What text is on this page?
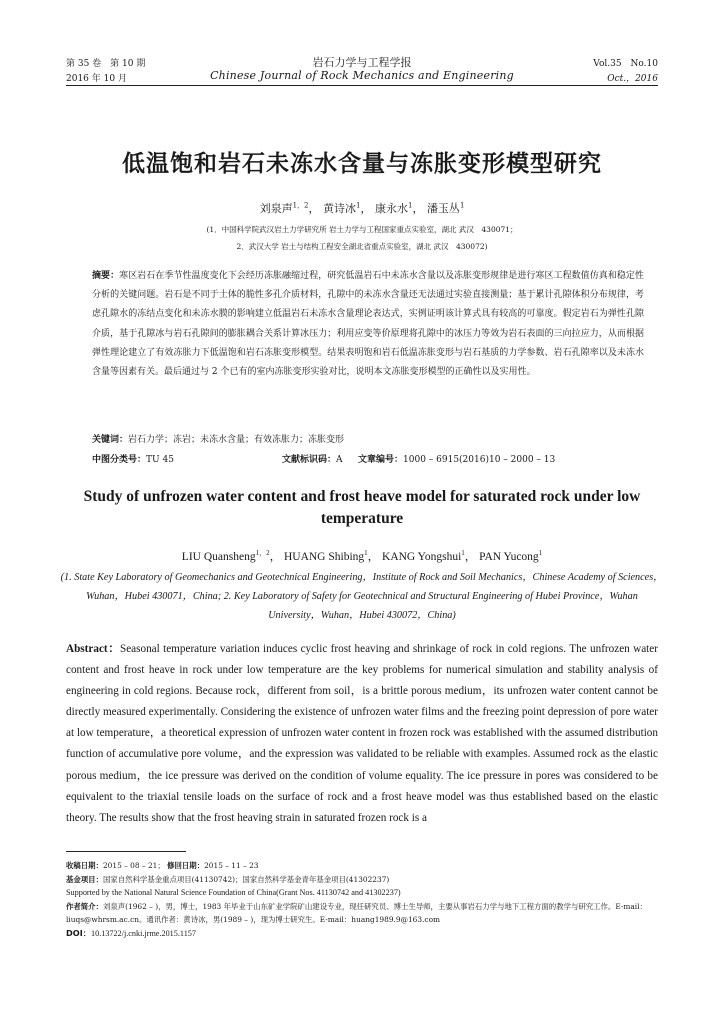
第 35 卷　第 10 期
2016 年 10 月
岩石力学与工程学报
Chinese Journal of Rock Mechanics and Engineering
Vol.35　No.10
Oct.，2016
低温饱和岩石未冻水含量与冻胀变形模型研究
刘泉声$^{1,2}$， 黄诗冰$^1$， 康永水$^1$， 潘玉丛$^1$
(1．中国科学院武汉岩土力学研究所 岩土力学与工程国家重点实验室，湖北 武汉　430071；
2．武汉大学 岩土与结构工程安全湖北省重点实验室，湖北 武汉　430072)
摘要：寒区岩石在季节性温度变化下会经历冻胀融缩过程，研究低温岩石中未冻水含量以及冻胀变形规律是进行寒区工程数值仿真和稳定性分析的关键问题。岩石是不同于土体的脆性多孔介质材料，孔隙中的未冻水含量还无法通过实验直接测量；基于累计孔隙体积分布规律，考虑孔隙水的冻结点变化和未冻水膜的影响建立低温岩石未冻水含量理论表达式，实例证明该计算式具有较高的可靠度。假定岩石为弹性孔隙介质，基于孔隙冰与岩石孔隙间的膨胀耦合关系计算冰压力；利用应变等价原理将孔隙中的冰压力等效为岩石表面的三向拉应力，从而根据弹性理论建立了有效冻胀力下低温饱和岩石冻胀变形模型。结果表明饱和岩石低温冻胀变形与岩石基质的力学参数、岩石孔隙率以及未冻水含量等因素有关。最后通过与 2 个已有的室内冻胀变形实验对比，说明本文冻胀变形模型的正确性以及实用性。
关键词：岩石力学；冻岩；未冻水含量；有效冻胀力；冻胀变形
中图分类号：TU 45	文献标识码：A 文章编号：1000 – 6915(2016)10 – 2000 – 13
Study of unfrozen water content and frost heave model for saturated rock under low temperature
LIU Quansheng$^{1,2}$， HUANG Shibing$^1$， KANG Yongshui$^1$， PAN Yucong$^1$
(1. State Key Laboratory of Geomechanics and Geotechnical Engineering，Institute of Rock and Soil Mechanics，Chinese Academy of Sciences，Wuhan，Hubei 430071，China; 2. Key Laboratory of Safety for Geotechnical and Structural Engineering of Hubei Province，Wuhan University，Wuhan，Hubei 430072，China)
Abstract：Seasonal temperature variation induces cyclic frost heaving and shrinkage of rock in cold regions. The unfrozen water content and frost heave in rock under low temperature are the key problems for numerical simulation and stability analysis of engineering in cold regions. Because rock，different from soil，is a brittle porous medium，its unfrozen water content cannot be directly measured experimentally. Considering the existence of unfrozen water films and the freezing point depression of pore water at low temperature，a theoretical expression of unfrozen water content in frozen rock was established with the assumed distribution function of accumulative pore volume，and the expression was validated to be reliable with examples. Assumed rock as the elastic porous medium，the ice pressure was derived on the condition of volume equality. The ice pressure in pores was considered to be equivalent to the triaxial tensile loads on the surface of rock and a frost heave model was thus established based on the elastic theory. The results show that the frost heaving strain in saturated frozen rock is a
收稿日期：2015 – 08 – 21； 修回日期：2015 – 11 – 23
基金项目：国家自然科学基金重点项目(41130742)；国家自然科学基金青年基金项目(41302237)
Supported by the National Natural Science Foundation of China(Grant Nos. 41130742 and 41302237)
作者简介：刘泉声(1962 – )，男，博士，1983 年毕业于山东矿业学院矿山建设专业，现任研究员、博士生导师，主要从事岩石力学与地下工程方面的教学与研究工作。E-mail：liuqs@whrsm.ac.cn。通讯作者：黄诗冰，男(1989 – )，现为博士研究生。E-mail：huang1989.9@163.com
DOI：10.13722/j.cnki.jrme.2015.1157
